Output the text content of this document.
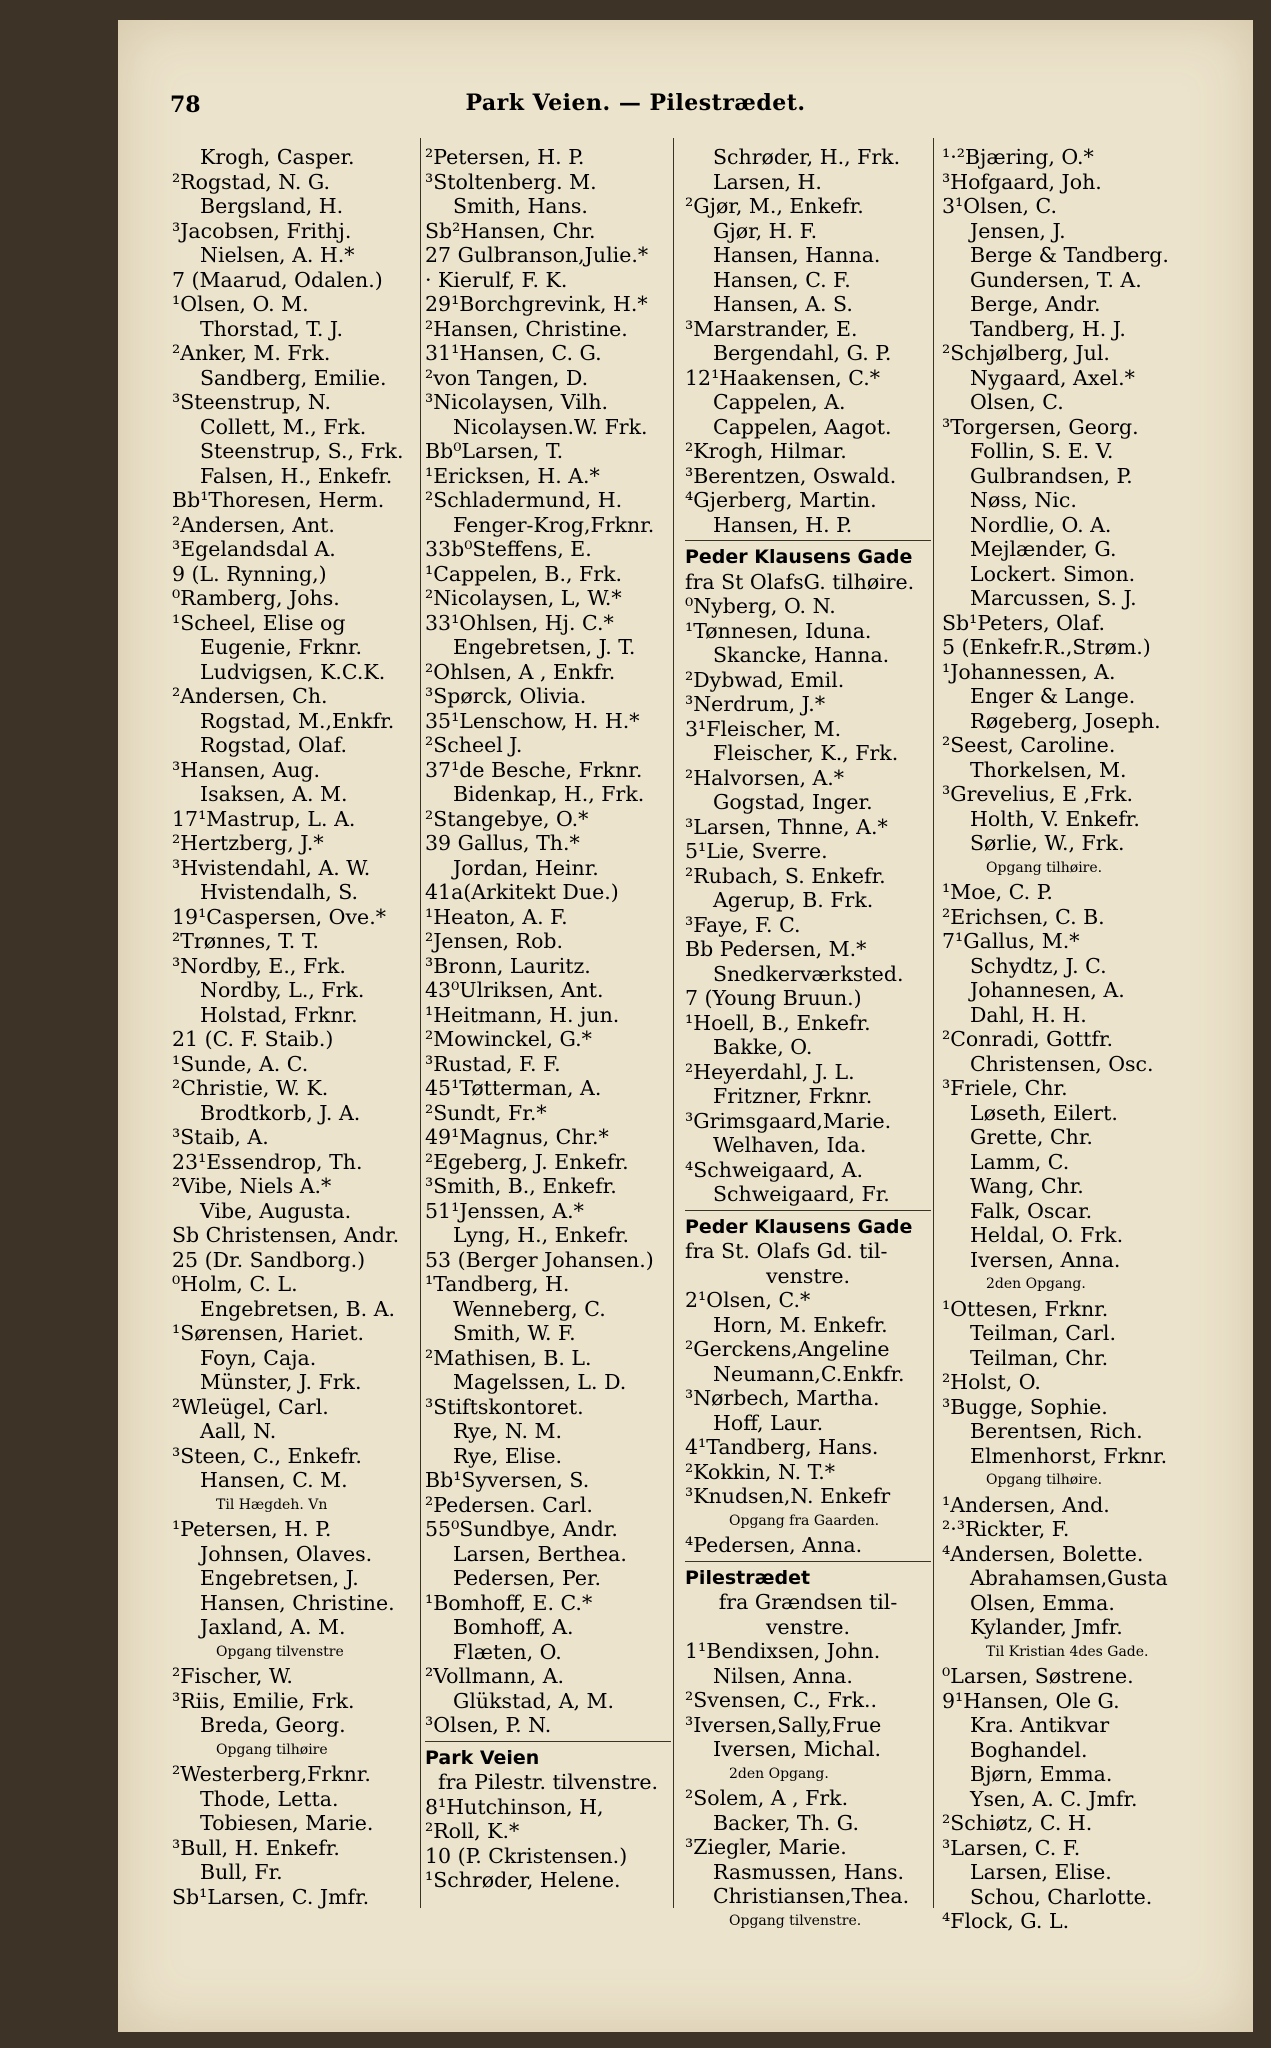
78	Park Veien. — Pilestrædet.
Krogh, Casper.
²Rogstad, N. G.
Bergsland, H.
³Jacobsen, Frithj.
Nielsen, A. H.*
7 (Maarud, Odalen.)
¹Olsen, O. M.
Thorstad, T. J.
²Anker, M. Frk.
Sandberg, Emilie.
³Steenstrup, N.
Collett, M., Frk.
Steenstrup, S., Frk.
Falsen, H., Enkefr.
Bb¹Thoresen, Herm.
²Andersen, Ant.
³Egelandsdal A.
9 (L. Rynning,)
⁰Ramberg, Johs.
¹Scheel, Elise og
Eugenie, Frknr.
Ludvigsen, K.C.K.
²Andersen, Ch.
Rogstad, M.,Enkfr.
Rogstad, Olaf.
³Hansen, Aug.
Isaksen, A. M.
17¹Mastrup, L. A.
²Hertzberg, J.*
³Hvistendahl, A. W.
Hvistendalh, S.
19¹Caspersen, Ove.*
²Trønnes, T. T.
³Nordby, E., Frk.
Nordby, L., Frk.
Holstad, Frknr.
21 (C. F. Staib.)
¹Sunde, A. C.
²Christie, W. K.
Brodtkorb, J. A.
³Staib, A.
23¹Essendrop, Th.
²Vibe, Niels A.*
Vibe, Augusta.
Sb Christensen, Andr.
25 (Dr. Sandborg.)
⁰Holm, C. L.
Engebretsen, B. A.
¹Sørensen, Hariet.
Foyn, Caja.
Münster, J. Frk.
²Wleügel, Carl.
Aall, N.
³Steen, C., Enkefr.
Hansen, C. M.
Til Hægdeh. Vn
¹Petersen, H. P.
Johnsen, Olaves.
Engebretsen, J.
Hansen, Christine.
Jaxland, A. M.
Opgang tilvenstre
²Fischer, W.
³Riis, Emilie, Frk.
Breda, Georg.
Opgang tilhøire
²Westerberg,Frknr.
Thode, Letta.
Tobiesen, Marie.
³Bull, H. Enkefr.
Bull, Fr.
Sb¹Larsen, C. Jmfr.
²Petersen, H. P.
³Stoltenberg. M.
Smith, Hans.
Sb²Hansen, Chr.
27 Gulbranson,Julie.*
· Kierulf, F. K.
29¹Borchgrevink, H.*
²Hansen, Christine.
31¹Hansen, C. G.
²von Tangen, D.
³Nicolaysen, Vilh.
Nicolaysen.W. Frk.
Bb⁰Larsen, T.
¹Ericksen, H. A.*
²Schladermund, H.
Fenger-Krog,Frknr.
33b⁰Steffens, E.
¹Cappelen, B., Frk.
²Nicolaysen, L, W.*
33¹Ohlsen, Hj. C.*
Engebretsen, J. T.
²Ohlsen, A , Enkfr.
³Spørck, Olivia.
35¹Lenschow, H. H.*
²Scheel J.
37¹de Besche, Frknr.
Bidenkap, H., Frk.
²Stangebye, O.*
39 Gallus, Th.*
Jordan, Heinr.
41a(Arkitekt Due.)
¹Heaton, A. F.
²Jensen, Rob.
³Bronn, Lauritz.
43⁰Ulriksen, Ant.
¹Heitmann, H. jun.
²Mowinckel, G.*
³Rustad, F. F.
45¹Tøtterman, A.
²Sundt, Fr.*
49¹Magnus, Chr.*
²Egeberg, J. Enkefr.
³Smith, B., Enkefr.
51¹Jenssen, A.*
Lyng, H., Enkefr.
53 (Berger Johansen.)
¹Tandberg, H.
Wenneberg, C.
Smith, W. F.
²Mathisen, B. L.
Magelssen, L. D.
³Stiftskontoret.
Rye, N. M.
Rye, Elise.
Bb¹Syversen, S.
²Pedersen. Carl.
55⁰Sundbye, Andr.
Larsen, Berthea.
Pedersen, Per.
¹Bomhoff, E. C.*
Bomhoff, A.
Flæten, O.
²Vollmann, A.
Glükstad, A, M.
³Olsen, P. N.
Park Veien
fra Pilestr. tilvenstre.
8¹Hutchinson, H,
²Roll, K.*
10 (P. Ckristensen.)
¹Schrøder, Helene.
Schrøder, H., Frk.
Larsen, H.
²Gjør, M., Enkefr.
Gjør, H. F.
Hansen, Hanna.
Hansen, C. F.
Hansen, A. S.
³Marstrander, E.
Bergendahl, G. P.
12¹Haakensen, C.*
Cappelen, A.
Cappelen, Aagot.
²Krogh, Hilmar.
³Berentzen, Oswald.
⁴Gjerberg, Martin.
Hansen, H. P.
Peder Klausens Gade
fra St OlafsG. tilhøire.
⁰Nyberg, O. N.
¹Tønnesen, Iduna.
Skancke, Hanna.
²Dybwad, Emil.
³Nerdrum, J.*
3¹Fleischer, M.
Fleischer, K., Frk.
²Halvorsen, A.*
Gogstad, Inger.
³Larsen, Thnne, A.*
5¹Lie, Sverre.
²Rubach, S. Enkefr.
Agerup, B. Frk.
³Faye, F. C.
Bb Pedersen, M.*
Snedkerværksted.
7 (Young Bruun.)
¹Hoell, B., Enkefr.
Bakke, O.
²Heyerdahl, J. L.
Fritzner, Frknr.
³Grimsgaard,Marie.
Welhaven, Ida.
⁴Schweigaard, A.
Schweigaard, Fr.
Peder Klausens Gade
fra St. Olafs Gd. til-
venstre.
2¹Olsen, C.*
Horn, M. Enkefr.
²Gerckens,Angeline
Neumann,C.Enkfr.
³Nørbech, Martha.
Hoff, Laur.
4¹Tandberg, Hans.
²Kokkin, N. T.*
³Knudsen,N. Enkefr
Opgang fra Gaarden.
⁴Pedersen, Anna.
Pilestrædet
fra Grændsen til-
venstre.
1¹Bendixsen, John.
Nilsen, Anna.
²Svensen, C., Frk..
³Iversen,Sally,Frue
Iversen, Michal.
2den Opgang.
²Solem, A , Frk.
Backer, Th. G.
³Ziegler, Marie.
Rasmussen, Hans.
Christiansen,Thea.
Opgang tilvenstre.
¹·²Bjæring, O.*
³Hofgaard, Joh.
3¹Olsen, C.
Jensen, J.
Berge & Tandberg.
Gundersen, T. A.
Berge, Andr.
Tandberg, H. J.
²Schjølberg, Jul.
Nygaard, Axel.*
Olsen, C.
³Torgersen, Georg.
Follin, S. E. V.
Gulbrandsen, P.
Nøss, Nic.
Nordlie, O. A.
Mejlænder, G.
Lockert. Simon.
Marcussen, S. J.
Sb¹Peters, Olaf.
5 (Enkefr.R.,Strøm.)
¹Johannessen, A.
Enger & Lange.
Røgeberg, Joseph.
²Seest, Caroline.
Thorkelsen, M.
³Grevelius, E ,Frk.
Holth, V. Enkefr.
Sørlie, W., Frk.
Opgang tilhøire.
¹Moe, C. P.
²Erichsen, C. B.
7¹Gallus, M.*
Schydtz, J. C.
Johannesen, A.
Dahl, H. H.
²Conradi, Gottfr.
Christensen, Osc.
³Friele, Chr.
Løseth, Eilert.
Grette, Chr.
Lamm, C.
Wang, Chr.
Falk, Oscar.
Heldal, O. Frk.
Iversen, Anna.
2den Opgang.
¹Ottesen, Frknr.
Teilman, Carl.
Teilman, Chr.
²Holst, O.
³Bugge, Sophie.
Berentsen, Rich.
Elmenhorst, Frknr.
Opgang tilhøire.
¹Andersen, And.
²·³Rickter, F.
⁴Andersen, Bolette.
Abrahamsen,Gusta
Olsen, Emma.
Kylander, Jmfr.
Til Kristian 4des Gade.
⁰Larsen, Søstrene.
9¹Hansen, Ole G.
Kra. Antikvar
Boghandel.
Bjørn, Emma.
Ysen, A. C. Jmfr.
²Schiøtz, C. H.
³Larsen, C. F.
Larsen, Elise.
Schou, Charlotte.
⁴Flock, G. L.
